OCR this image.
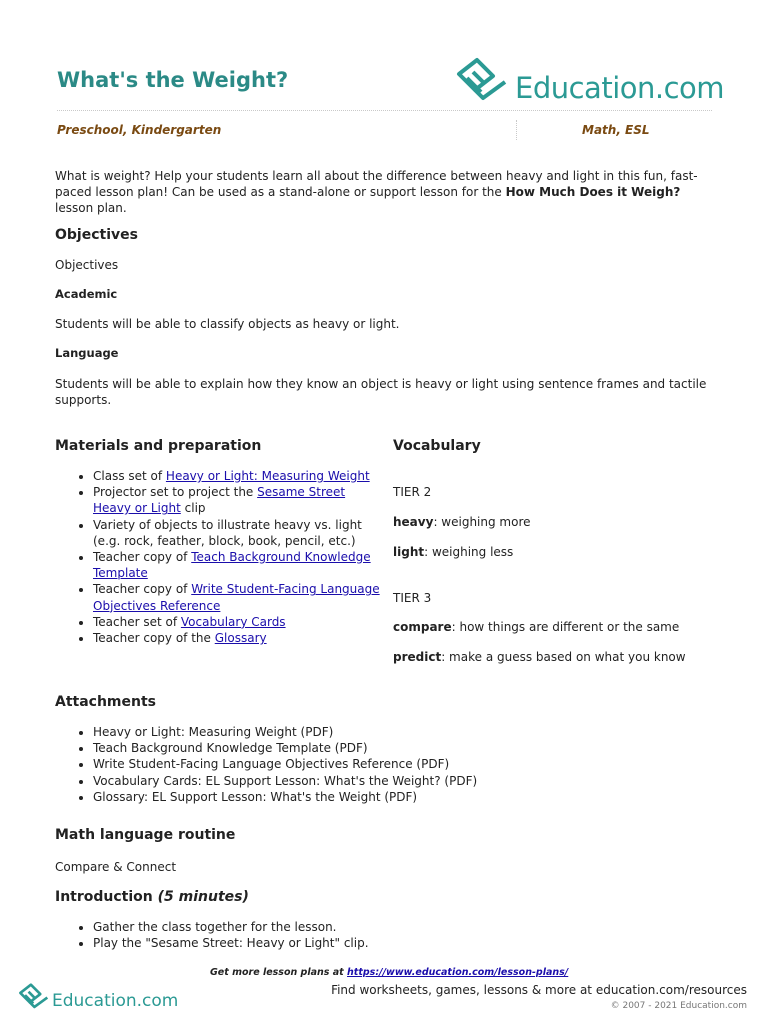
What's the Weight?	Education.com
Preschool, Kindergarten	Math, ESL
What is weight? Help your students learn all about the difference between heavy and light in this fun, fast-paced lesson plan! Can be used as a stand-alone or support lesson for the How Much Does it Weigh? lesson plan.
Objectives
Objectives
Academic
Students will be able to classify objects as heavy or light.
Language
Students will be able to explain how they know an object is heavy or light using sentence frames and tactile supports.
Materials and preparation
• Class set of Heavy or Light: Measuring Weight
• Projector set to project the Sesame Street Heavy or Light clip
• Variety of objects to illustrate heavy vs. light (e.g. rock, feather, block, book, pencil, etc.)
• Teacher copy of Teach Background Knowledge Template
• Teacher copy of Write Student-Facing Language Objectives Reference
• Teacher set of Vocabulary Cards
• Teacher copy of the Glossary
Vocabulary
TIER 2
heavy: weighing more
light: weighing less
TIER 3
compare: how things are different or the same
predict: make a guess based on what you know
Attachments
• Heavy or Light: Measuring Weight (PDF)
• Teach Background Knowledge Template (PDF)
• Write Student-Facing Language Objectives Reference (PDF)
• Vocabulary Cards: EL Support Lesson: What's the Weight? (PDF)
• Glossary: EL Support Lesson: What's the Weight (PDF)
Math language routine
Compare & Connect
Introduction (5 minutes)
• Gather the class together for the lesson.
• Play the "Sesame Street: Heavy or Light" clip.
Get more lesson plans at https://www.education.com/lesson-plans/
Education.com
Find worksheets, games, lessons & more at education.com/resources
© 2007 - 2021 Education.com
